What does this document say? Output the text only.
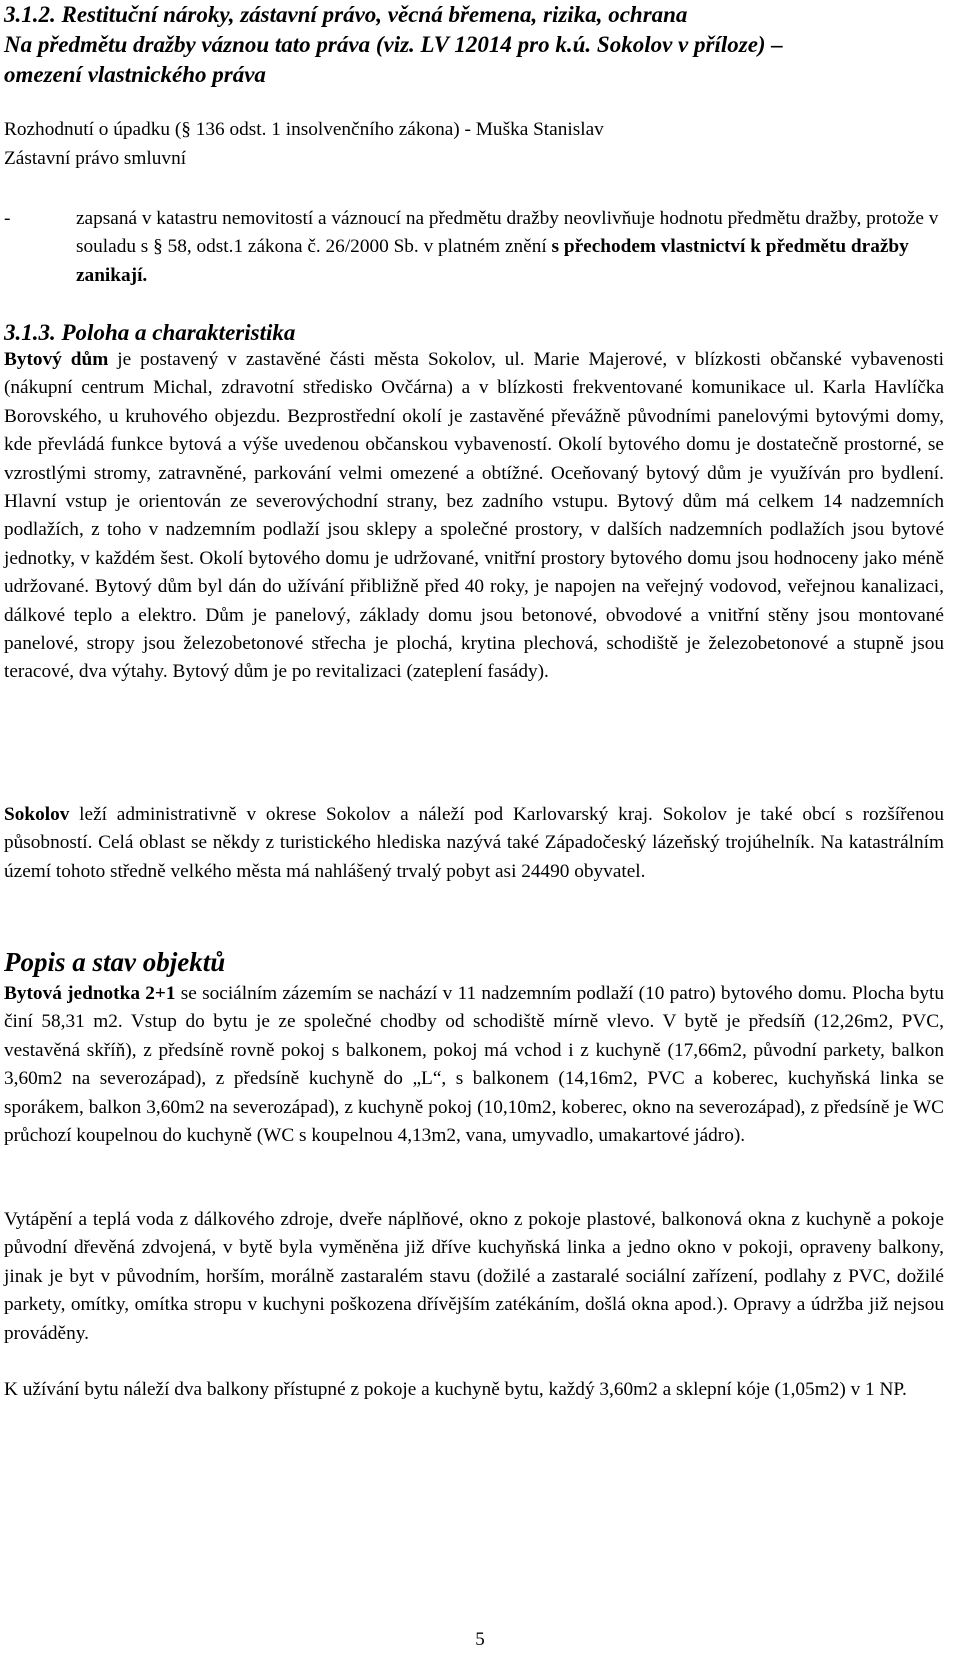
3.1.2. Restituční nároky, zástavní právo, věcná břemena, rizika, ochrana

Na předmětu dražby váznou tato práva (viz. LV 12014 pro k.ú. Sokolov v příloze) –

omezení vlastnického práva

Rozhodnutí o úpadku (§ 136 odst. 1 insolvenčního zákona) - Muška Stanislav

Zástavní právo smluvní

-	zapsaná v katastru nemovitostí a váznoucí na předmětu dražby neovlivňuje hodnotu předmětu dražby, protože v souladu s § 58, odst.1 zákona č. 26/2000 Sb. v platném znění s přechodem vlastnictví k předmětu dražby zanikají.

3.1.3. Poloha a charakteristika

Bytový dům je postavený v zastavěné části města Sokolov, ul. Marie Majerové, v blízkosti občanské vybavenosti (nákupní centrum Michal, zdravotní středisko Ovčárna) a v blízkosti frekventované komunikace ul. Karla Havlíčka Borovského, u kruhového objezdu. Bezprostřední okolí je zastavěné převážně původními panelovými bytovými domy, kde převládá funkce bytová a výše uvedenou občanskou vybaveností. Okolí bytového domu je dostatečně prostorné, se vzrostlými stromy, zatravněné, parkování velmi omezené a obtížné. Oceňovaný bytový dům je využíván pro bydlení. Hlavní vstup je orientován ze severovýchodní strany, bez zadního vstupu. Bytový dům má celkem 14 nadzemních podlažích, z toho v nadzemním podlaží jsou sklepy a společné prostory, v dalších nadzemních podlažích jsou bytové jednotky, v každém šest. Okolí bytového domu je udržované, vnitřní prostory bytového domu jsou hodnoceny jako méně udržované. Bytový dům byl dán do užívání přibližně před 40 roky, je napojen na veřejný vodovod, veřejnou kanalizaci, dálkové teplo a elektro. Dům je panelový, základy domu jsou betonové, obvodové a vnitřní stěny jsou montované panelové, stropy jsou železobetonové střecha je plochá, krytina plechová, schodiště je železobetonové a stupně jsou teracové, dva výtahy. Bytový dům je po revitalizaci (zateplení fasády).

Sokolov leží administrativně v okrese Sokolov a náleží pod Karlovarský kraj. Sokolov je také obcí s rozšířenou působností. Celá oblast se někdy z turistického hlediska nazývá také Západočeský lázeňský trojúhelník. Na katastrálním území tohoto středně velkého města má nahlášený trvalý pobyt asi 24490 obyvatel.

Popis a stav objektů

Bytová jednotka 2+1 se sociálním zázemím se nachází v 11 nadzemním podlaží (10 patro) bytového domu. Plocha bytu činí 58,31 m2. Vstup do bytu je ze společné chodby od schodiště mírně vlevo. V bytě je předsíň (12,26m2, PVC, vestavěná skříň), z předsíně rovně pokoj s balkonem, pokoj má vchod i z kuchyně (17,66m2, původní parkety, balkon 3,60m2 na severozápad), z předsíně kuchyně do „L“, s balkonem (14,16m2, PVC a koberec, kuchyňská linka se sporákem, balkon 3,60m2 na severozápad), z kuchyně pokoj (10,10m2, koberec, okno na severozápad), z předsíně je WC průchozí koupelnou do kuchyně (WC s koupelnou 4,13m2, vana, umyvadlo, umakartové jádro).

Vytápění a teplá voda z dálkového zdroje, dveře náplňové, okno z pokoje plastové, balkonová okna z kuchyně a pokoje původní dřevěná zdvojená, v bytě byla vyměněna již dříve kuchyňská linka a jedno okno v pokoji, opraveny balkony, jinak je byt v původním, horším, morálně zastaralém stavu (dožilé a zastaralé sociální zařízení, podlahy z PVC, dožilé parkety, omítky, omítka stropu v kuchyni poškozena dřívějším zatékáním, došlá okna apod.). Opravy a údržba již nejsou prováděny.

K užívání bytu náleží dva balkony přístupné z pokoje a kuchyně bytu, každý 3,60m2 a sklepní kóje (1,05m2) v 1 NP.

5
